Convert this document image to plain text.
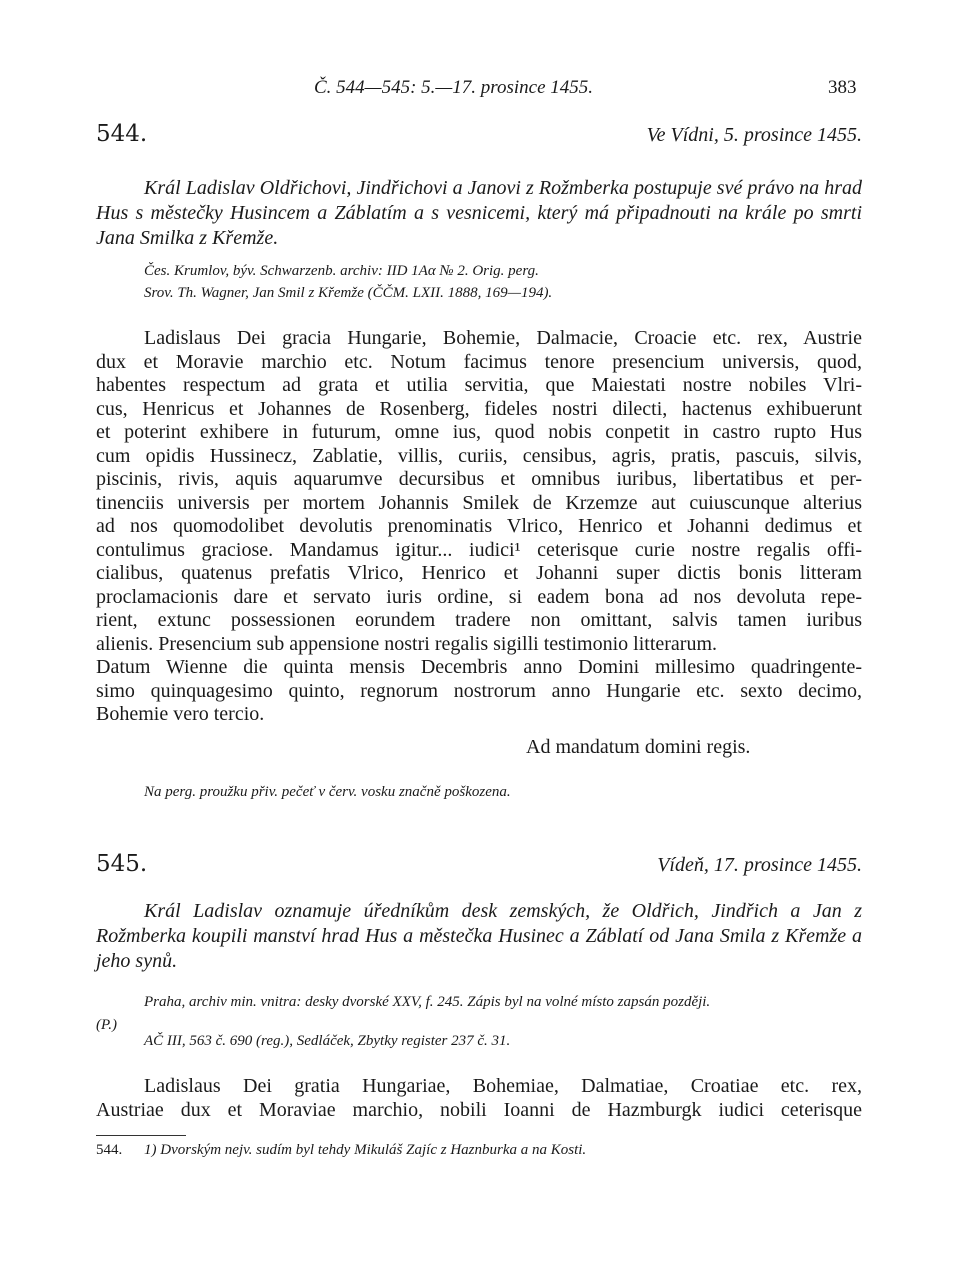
Č. 544—545: 5.—17. prosince 1455.	383
544.	Ve Vídni, 5. prosince 1455.

Král Ladislav Oldřichovi, Jindřichovi a Janovi z Rožmberka postupuje své právo na hrad Hus s městečky Husincem a Záblatím a s vesnicemi, který má připadnouti na krále po smrti Jana Smilka z Křemže.

Čes. Krumlov, býv. Schwarzenb. archiv: IID 1Aα № 2. Orig. perg.
Srov. Th. Wagner, Jan Smil z Křemže (ČČM. LXII. 1888, 169—194).
Ladislaus Dei gracia Hungarie, Bohemie, Dalmacie, Croacie etc. rex, Austrie
dux et Moravie marchio etc. Notum facimus tenore presencium universis, quod,
habentes respectum ad grata et utilia servitia, que Maiestati nostre nobiles Vlri-
cus, Henricus et Johannes de Rosenberg, fideles nostri dilecti, hactenus exhibuerunt
et poterint exhibere in futurum, omne ius, quod nobis conpetit in castro rupto Hus
cum opidis Hussinecz, Zablatie, villis, curiis, censibus, agris, pratis, pascuis, silvis,
piscinis, rivis, aquis aquarumve decursibus et omnibus iuribus, libertatibus et per-
tinenciis universis per mortem Johannis Smilek de Krzemze aut cuiuscunque alterius
ad nos quomodolibet devolutis prenominatis Vlrico, Henrico et Johanni dedimus et
contulimus graciose. Mandamus igitur... iudici¹ ceterisque curie nostre regalis offi-
cialibus, quatenus prefatis Vlrico, Henrico et Johanni super dictis bonis litteram
proclamacionis dare et servato iuris ordine, si eadem bona ad nos devoluta repe-
rient, extunc possessionen eorundem tradere non omittant, salvis tamen iuribus
alienis. Presencium sub appensione nostri regalis sigilli testimonio litterarum.
Datum Wienne die quinta mensis Decembris anno Domini millesimo quadringente-
simo quinquagesimo quinto, regnorum nostrorum anno Hungarie etc. sexto decimo,
Bohemie vero tercio.
Ad mandatum domini regis.
Na perg. proužku přiv. pečeť v červ. vosku značně poškozena.
545.	Vídeň, 17. prosince 1455.

Král Ladislav oznamuje úředníkům desk zemských, že Oldřich, Jindřich a Jan z Rožmberka koupili manství hrad Hus a městečka Husinec a Záblatí od Jana Smila z Křemže a jeho synů.

Praha, archiv min. vnitra: desky dvorské XXV, f. 245. Zápis byl na volné místo zapsán později.
(P.)
AČ III, 563 č. 690 (reg.), Sedláček, Zbytky register 237 č. 31.
Ladislaus Dei gratia Hungariae, Bohemiae, Dalmatiae, Croatiae etc. rex,
Austriae dux et Moraviae marchio, nobili Ioanni de Hazmburgk iudici ceterisque
544. 1) Dvorským nejv. sudím byl tehdy Mikuláš Zajíc z Haznburka a na Kosti.
